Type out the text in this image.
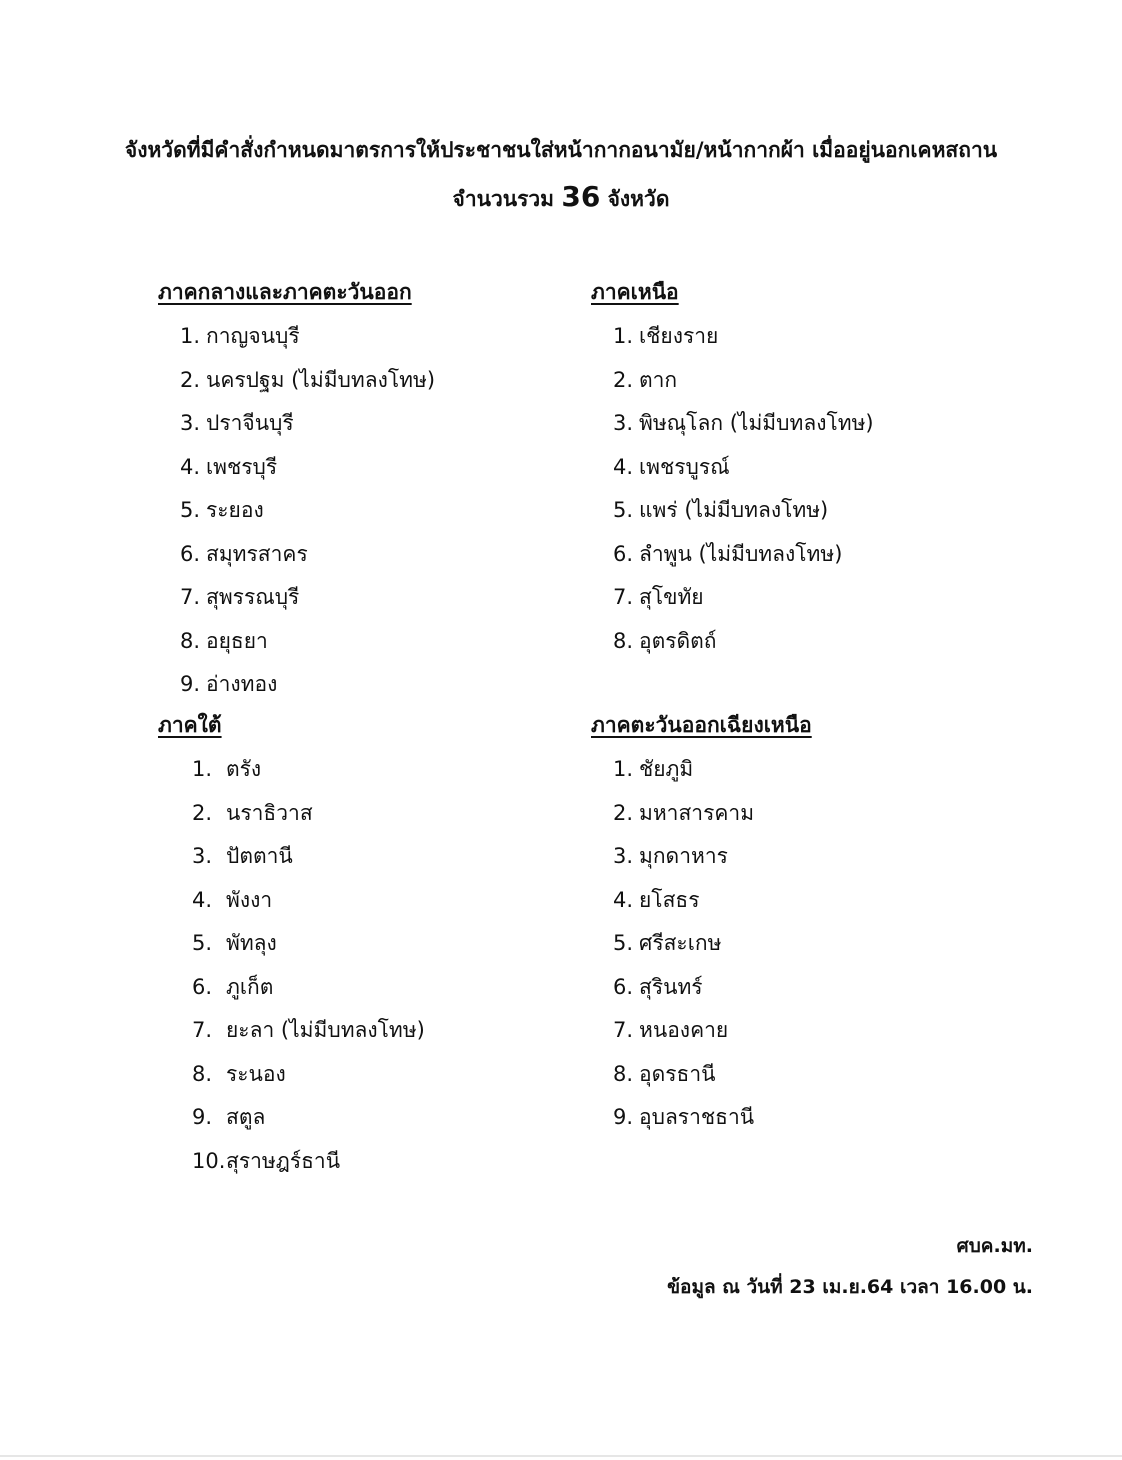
จังหวัดที่มีคำสั่งกำหนดมาตรการให้ประชาชนใส่หน้ากากอนามัย/หน้ากากผ้า เมื่ออยู่นอกเคหสถาน

จำนวนรวม 36 จังหวัด

ภาคกลางและภาคตะวันออก
1. กาญจนบุรี
2. นครปฐม (ไม่มีบทลงโทษ)
3. ปราจีนบุรี
4. เพชรบุรี
5. ระยอง
6. สมุทรสาคร
7. สุพรรณบุรี
8. อยุธยา
9. อ่างทอง
ภาคเหนือ
1. เชียงราย
2. ตาก
3. พิษณุโลก (ไม่มีบทลงโทษ)
4. เพชรบูรณ์
5. แพร่ (ไม่มีบทลงโทษ)
6. ลำพูน (ไม่มีบทลงโทษ)
7. สุโขทัย
8. อุตรดิตถ์
ภาคใต้
1. ตรัง
2. นราธิวาส
3. ปัตตานี
4. พังงา
5. พัทลุง
6. ภูเก็ต
7. ยะลา (ไม่มีบทลงโทษ)
8. ระนอง
9. สตูล
10. สุราษฎร์ธานี
ภาคตะวันออกเฉียงเหนือ
1. ชัยภูมิ
2. มหาสารคาม
3. มุกดาหาร
4. ยโสธร
5. ศรีสะเกษ
6. สุรินทร์
7. หนองคาย
8. อุดรธานี
9. อุบลราชธานี
ศบค.มท.
ข้อมูล ณ วันที่ 23 เม.ย.64 เวลา 16.00 น.
